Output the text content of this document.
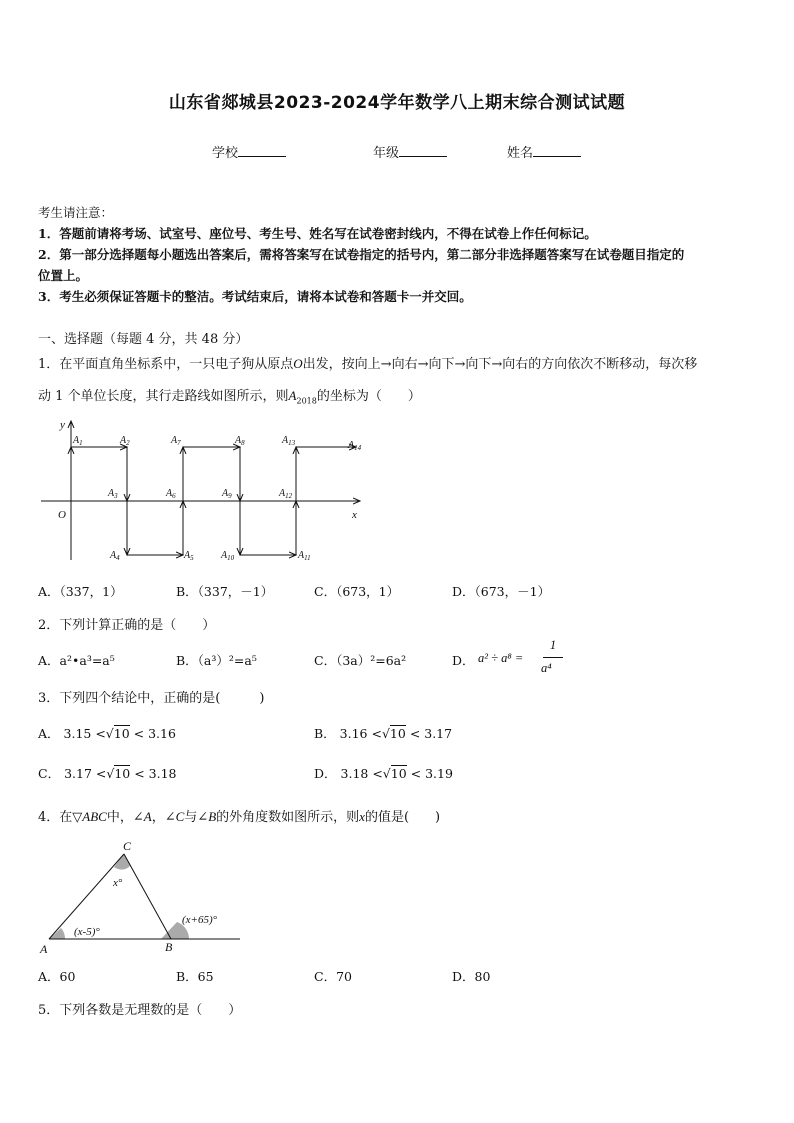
山东省郯城县2023-2024学年数学八上期末综合测试试题
学校	年级	姓名
考生请注意：
1．答题前请将考场、试室号、座位号、考生号、姓名写在试卷密封线内，不得在试卷上作任何标记。
2．第一部分选择题每小题选出答案后，需将答案写在试卷指定的括号内，第二部分非选择题答案写在试卷题目指定的
位置上。
3．考生必须保证答题卡的整洁。考试结束后，请将本试卷和答题卡一并交回。
一、选择题（每题 4 分，共 48 分）
1．在平面直角坐标系中，一只电子狗从原点O出发，按向上→向右→向下→向下→向右的方向依次不断移动，每次移
动 1 个单位长度，其行走路线如图所示，则$A_{2018}$的坐标为（　　）
y
x
O
$A_1$	$A_2$
$A_3$
$A_4$	$A_5$
$A_6$
$A_7$	$A_8$
$A_9$
$A_{10}$	$A_{11}$
$A_{12}$
$A_{13}$	$A_{14}$
A．（337，1）	B．（337，－1）	C．（673，1）	D．（673，－1）
2．下列计算正确的是（　　）
A．a²•a³=a⁵	B．（a³）²=a⁵	C．（3a）²=6a²	D． a² ÷ a⁸ =
1
a⁴
3．下列四个结论中，正确的是(　　　)
A． 3.15 <√10 < 3.16	B． 3.16 <√10 < 3.17
C． 3.17 <√10 < 3.18	D． 3.18 <√10 < 3.19
4．在▽ABC中，∠A，∠C与∠B的外角度数如图所示，则x的值是(　　)
A	B
C
x°
(x-5)°
(x+65)°
A．60	B．65	C．70	D．80
5．下列各数是无理数的是（　　）
